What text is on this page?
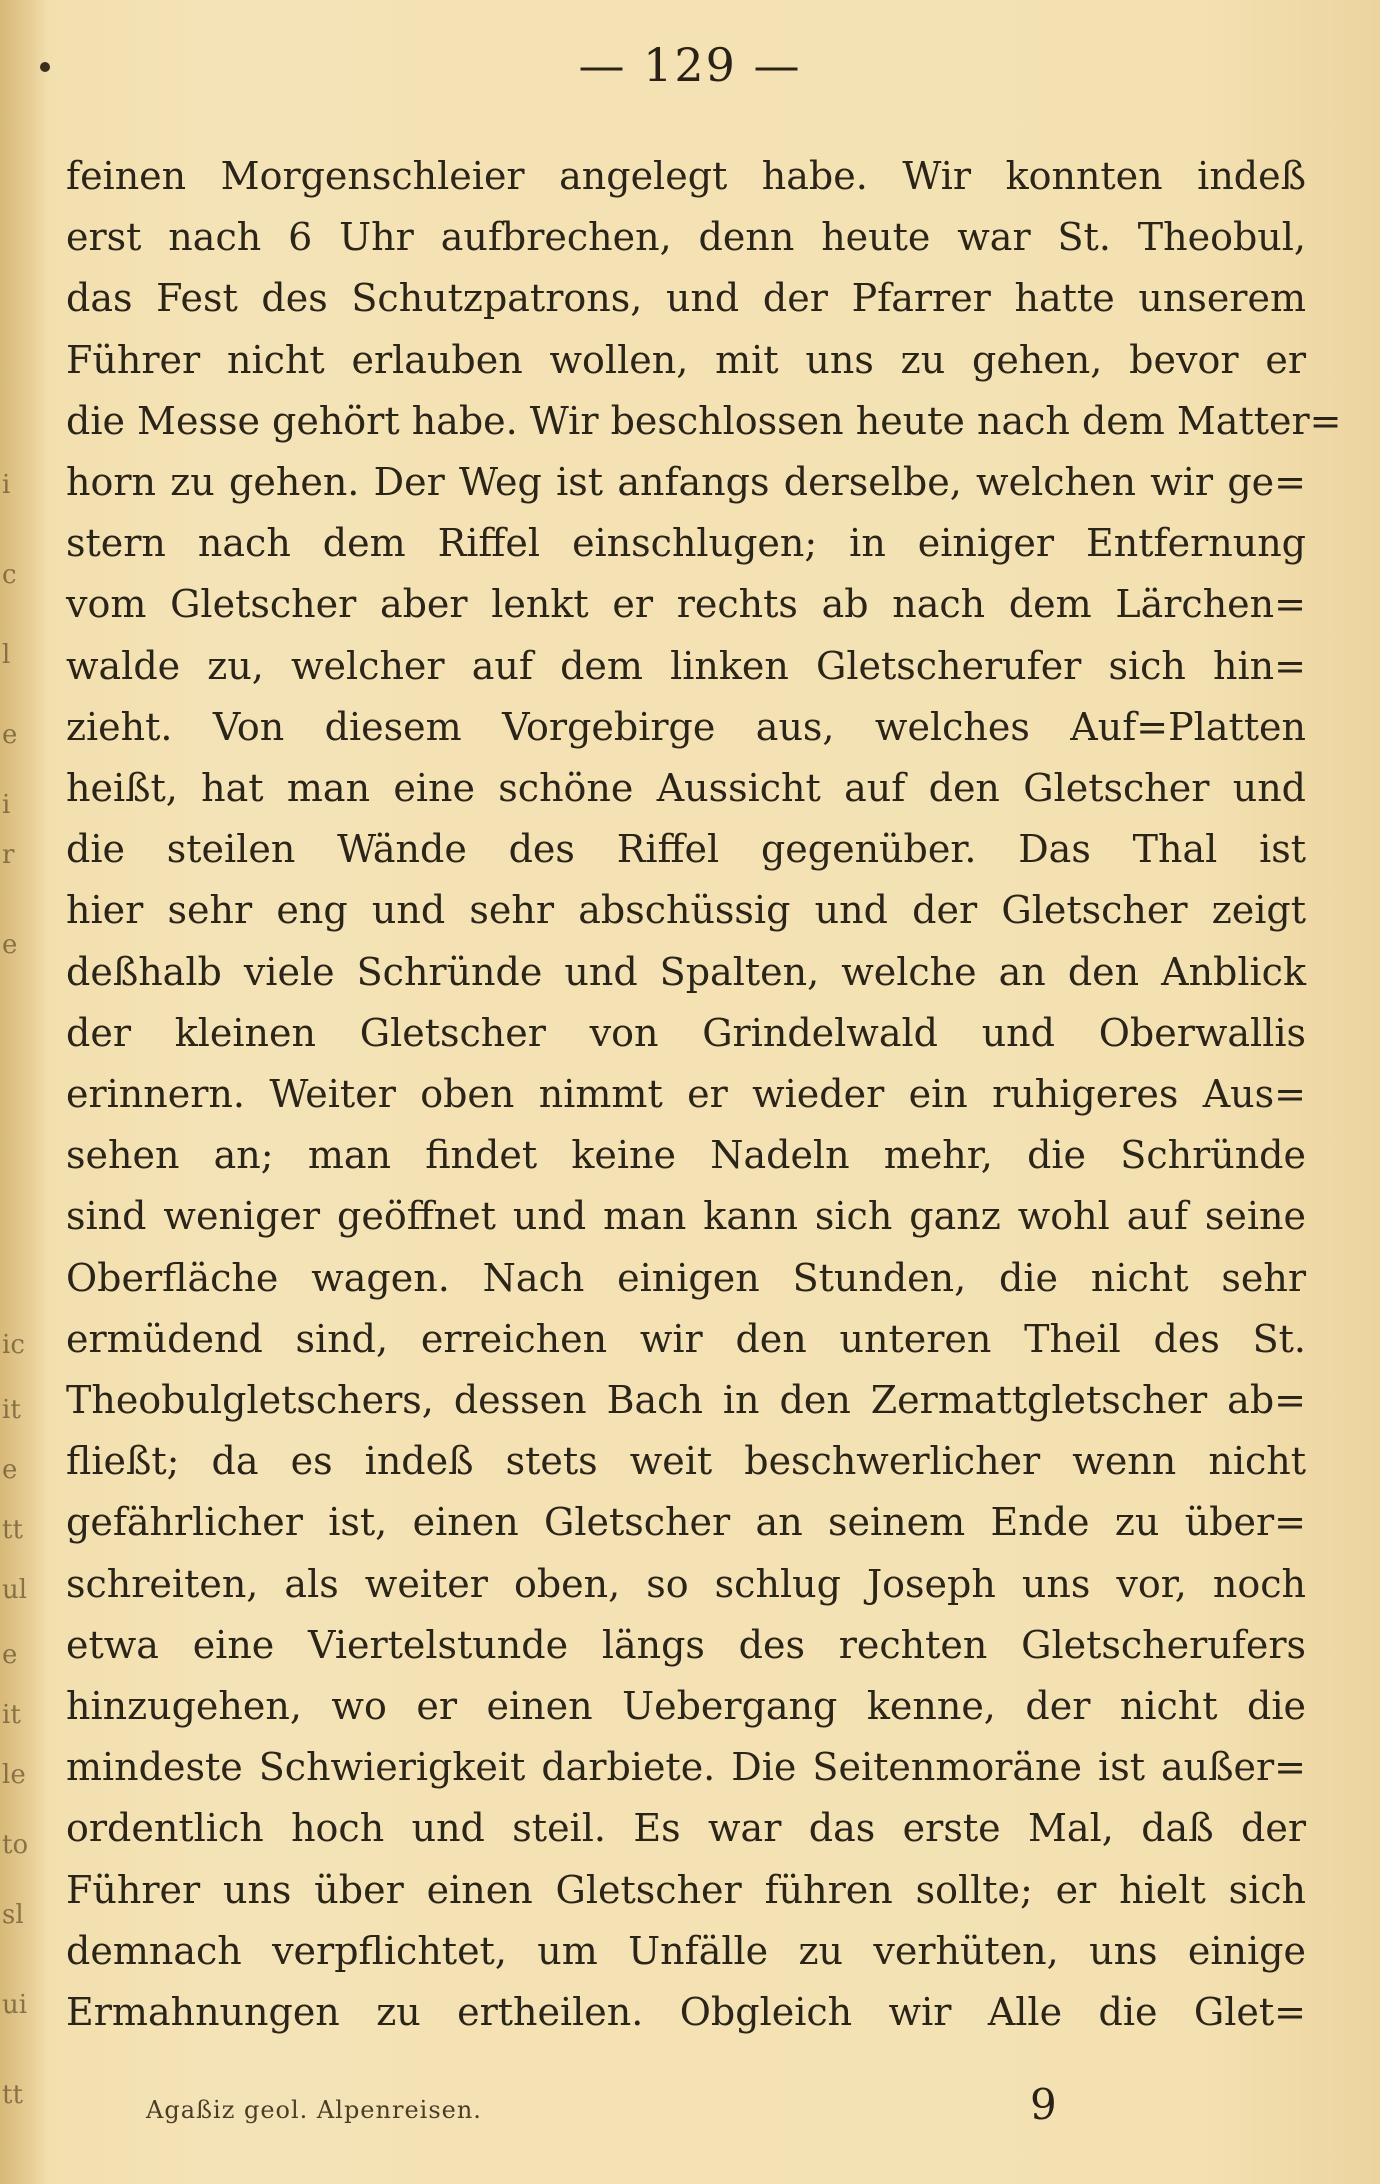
i
c
l
e
i
r
e
ic
it
e
tt
ul
e
it
le
to
sl
ui
tt
— 129 —
feinen Morgenschleier angelegt habe. Wir konnten indeß
erst nach 6 Uhr aufbrechen, denn heute war St. Theobul,
das Fest des Schutzpatrons, und der Pfarrer hatte unserem
Führer nicht erlauben wollen, mit uns zu gehen, bevor er
die Messe gehört habe. Wir beschlossen heute nach dem Matter=
horn zu gehen. Der Weg ist anfangs derselbe, welchen wir ge=
stern nach dem Riffel einschlugen; in einiger Entfernung
vom Gletscher aber lenkt er rechts ab nach dem Lärchen=
walde zu, welcher auf dem linken Gletscherufer sich hin=
zieht. Von diesem Vorgebirge aus, welches Auf=Platten
heißt, hat man eine schöne Aussicht auf den Gletscher und
die steilen Wände des Riffel gegenüber. Das Thal ist
hier sehr eng und sehr abschüssig und der Gletscher zeigt
deßhalb viele Schründe und Spalten, welche an den Anblick
der kleinen Gletscher von Grindelwald und Oberwallis
erinnern. Weiter oben nimmt er wieder ein ruhigeres Aus=
sehen an; man findet keine Nadeln mehr, die Schründe
sind weniger geöffnet und man kann sich ganz wohl auf seine
Oberfläche wagen. Nach einigen Stunden, die nicht sehr
ermüdend sind, erreichen wir den unteren Theil des St.
Theobulgletschers, dessen Bach in den Zermattgletscher ab=
fließt; da es indeß stets weit beschwerlicher wenn nicht
gefährlicher ist, einen Gletscher an seinem Ende zu über=
schreiten, als weiter oben, so schlug Joseph uns vor, noch
etwa eine Viertelstunde längs des rechten Gletscherufers
hinzugehen, wo er einen Uebergang kenne, der nicht die
mindeste Schwierigkeit darbiete. Die Seitenmoräne ist außer=
ordentlich hoch und steil. Es war das erste Mal, daß der
Führer uns über einen Gletscher führen sollte; er hielt sich
demnach verpflichtet, um Unfälle zu verhüten, uns einige
Ermahnungen zu ertheilen. Obgleich wir Alle die Glet=
Agaßiz geol. Alpenreisen.	9
